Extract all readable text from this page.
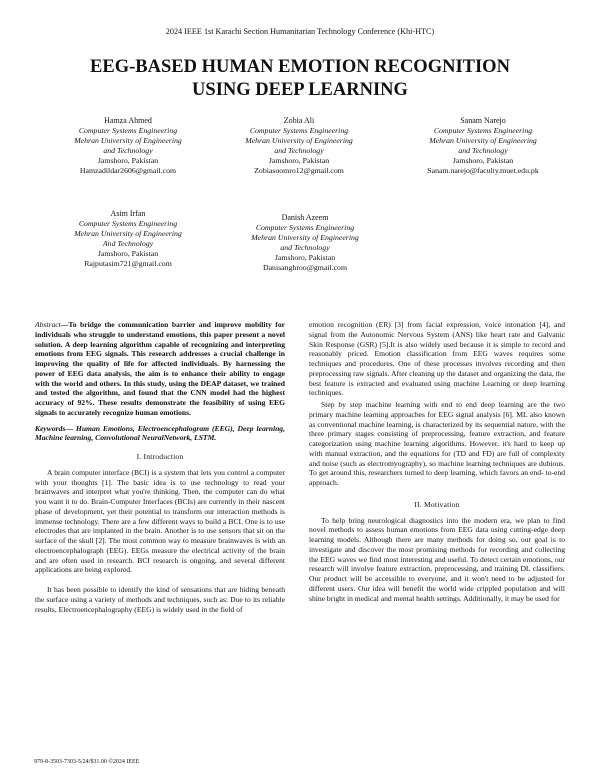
2024 IEEE 1st Karachi Section Humanitarian Technology Conference (Khi-HTC)
EEG-BASED HUMAN EMOTION RECOGNITION
USING DEEP LEARNING
Hamza Ahmed
Computer Systems Engineering
Mehran University of Engineering
and Technology
Jamshoro, Pakistan
Hamzadildar2606@gmail.com
Zobia Ali
Computer Systems Engineering
Mehran University of Engineering
and Technology
Jamshoro, Pakistan
Zobiasoomro12@gmail.com
Sanam Narejo
Computer Systems Engineering
Mehran University of Engineering
and Technology
Jamshoro, Pakistan
Sanam.narejo@faculty.muet.edu.pk
Asim Irfan
Computer Systems Engineering
Mehran University of Engineering
And Technology
Jamshoro, Pakistan
Rajputasim721@gmail.com
Danish Azeem
Computer Systems Engineering
Mehran University of Engineering
and Technology
Jamshoro, Pakistan
Danisanghroo@gmail.com

Abstract—To bridge the communication barrier and improve mobility for individuals who struggle to understand emotions, this paper present a novel solution. A deep learning algorithm capable of recognizing and interpreting emotions from EEG signals. This research addresses a crucial challenge in improving the quality of life for affected individuals. By harnessing the power of EEG data analysis, the aim is to enhance their ability to engage with the world and others. In this study, using the DEAP dataset, we trained and tested the algorithm, and found that the CNN model had the highest accuracy of 92%. These results demonstrate the feasibility of using EEG signals to accurately recognize human emotions.

Keywords— Human Emotions, Electroencephalogram (EEG), Deep learning, Machine learning, Convolutional NeuralNetwork, LSTM.

I. Introduction

A brain computer interface (BCI) is a system that lets you control a computer with your thoughts [1]. The basic idea is to use technology to read your brainwaves and interpret what you're thinking. Then, the computer can do what you want it to do. Brain-Computer Interfaces (BCIs) are currently in their nascent phase of development, yet their potential to transform our interaction methods is immense technology. There are a few different ways to build a BCI. One is to use electrodes that are implanted in the brain. Another is to use sensors that sit on the surface of the skull [2]. The most common way to measure brainwaves is with an electroencephalograph (EEG). EEGs measure the electrical activity of the brain and are often used in research. BCI research is ongoing, and several different applications are being explored.

It has been possible to identify the kind of sensations that are hiding beneath the surface using a variety of methods and techniques, such as: Due to its reliable results, Electroencephalography (EEG) is widely used in the field of

emotion recognition (ER) [3] from facial expression, voice intonation [4], and signal from the Autonomic Nervous System (ANS) like heart rate and Galvanic Skin Response (GSR) [5].It is also widely used because it is simple to record and reasonably priced. Emotion classification from EEG waves requires some techniques and procedures. One of these processes involves recording and then preprocessing raw signals. After cleaning up the dataset and organizing the data, the best feature is extracted and evaluated using machine Learning or deep learning techniques.

Step by step machine learning with end to end deep learning are the two primary machine learning approaches for EEG signal analysis [6]. ML also known as conventional machine learning, is characterized by its sequential nature, with the three primary stages consisting of preprocessing, feature extraction, and feature categorization using machine learning algorithms. However, it's hard to keep up with manual extraction, and the equations for (TD and FD) are full of complexity and noise (such as electromyography), so machine learning techniques are dubious. To get around this, researchers turned to deep learning, which favors an end- to-end approach.

II. Motivation

To help bring neurological diagnostics into the modern era, we plan to find novel methods to assess human emotions from EEG data using cutting-edge deep learning models. Although there are many methods for doing so, our goal is to investigate and discover the most promising methods for recording and collecting the EEG waves we find most interesting and useful. To detect certain emotions, our research will involve feature extraction, preprocessing, and training DL classifiers. Our product will be accessible to everyone, and it won't need to be adjusted for different users. Our idea will benefit the world wide crippled population and will shine bright in medical and mental health settings. Additionally, it may be used for

979-8-3503-7303-5/24/$31.00 ©2024 IEEE
